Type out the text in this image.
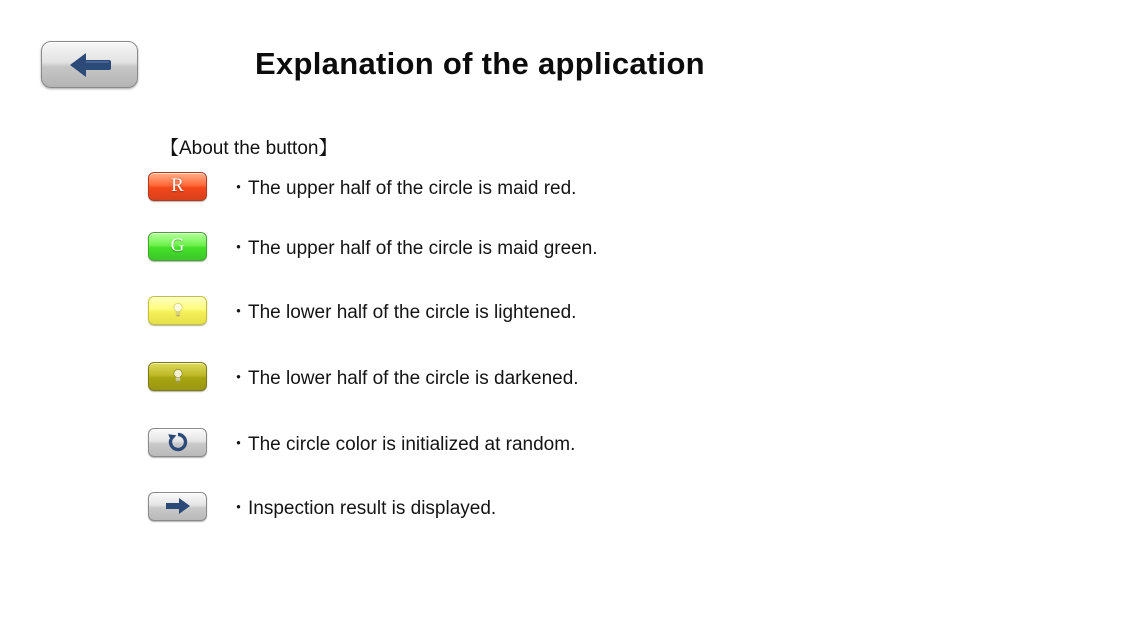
Explanation of the application
【About the button】
R ・The upper half of the circle is maid red.
G ・The upper half of the circle is maid green.
・The lower half of the circle is lightened.
・The lower half of the circle is darkened.
・The circle color is initialized at random.
・Inspection result is displayed.
